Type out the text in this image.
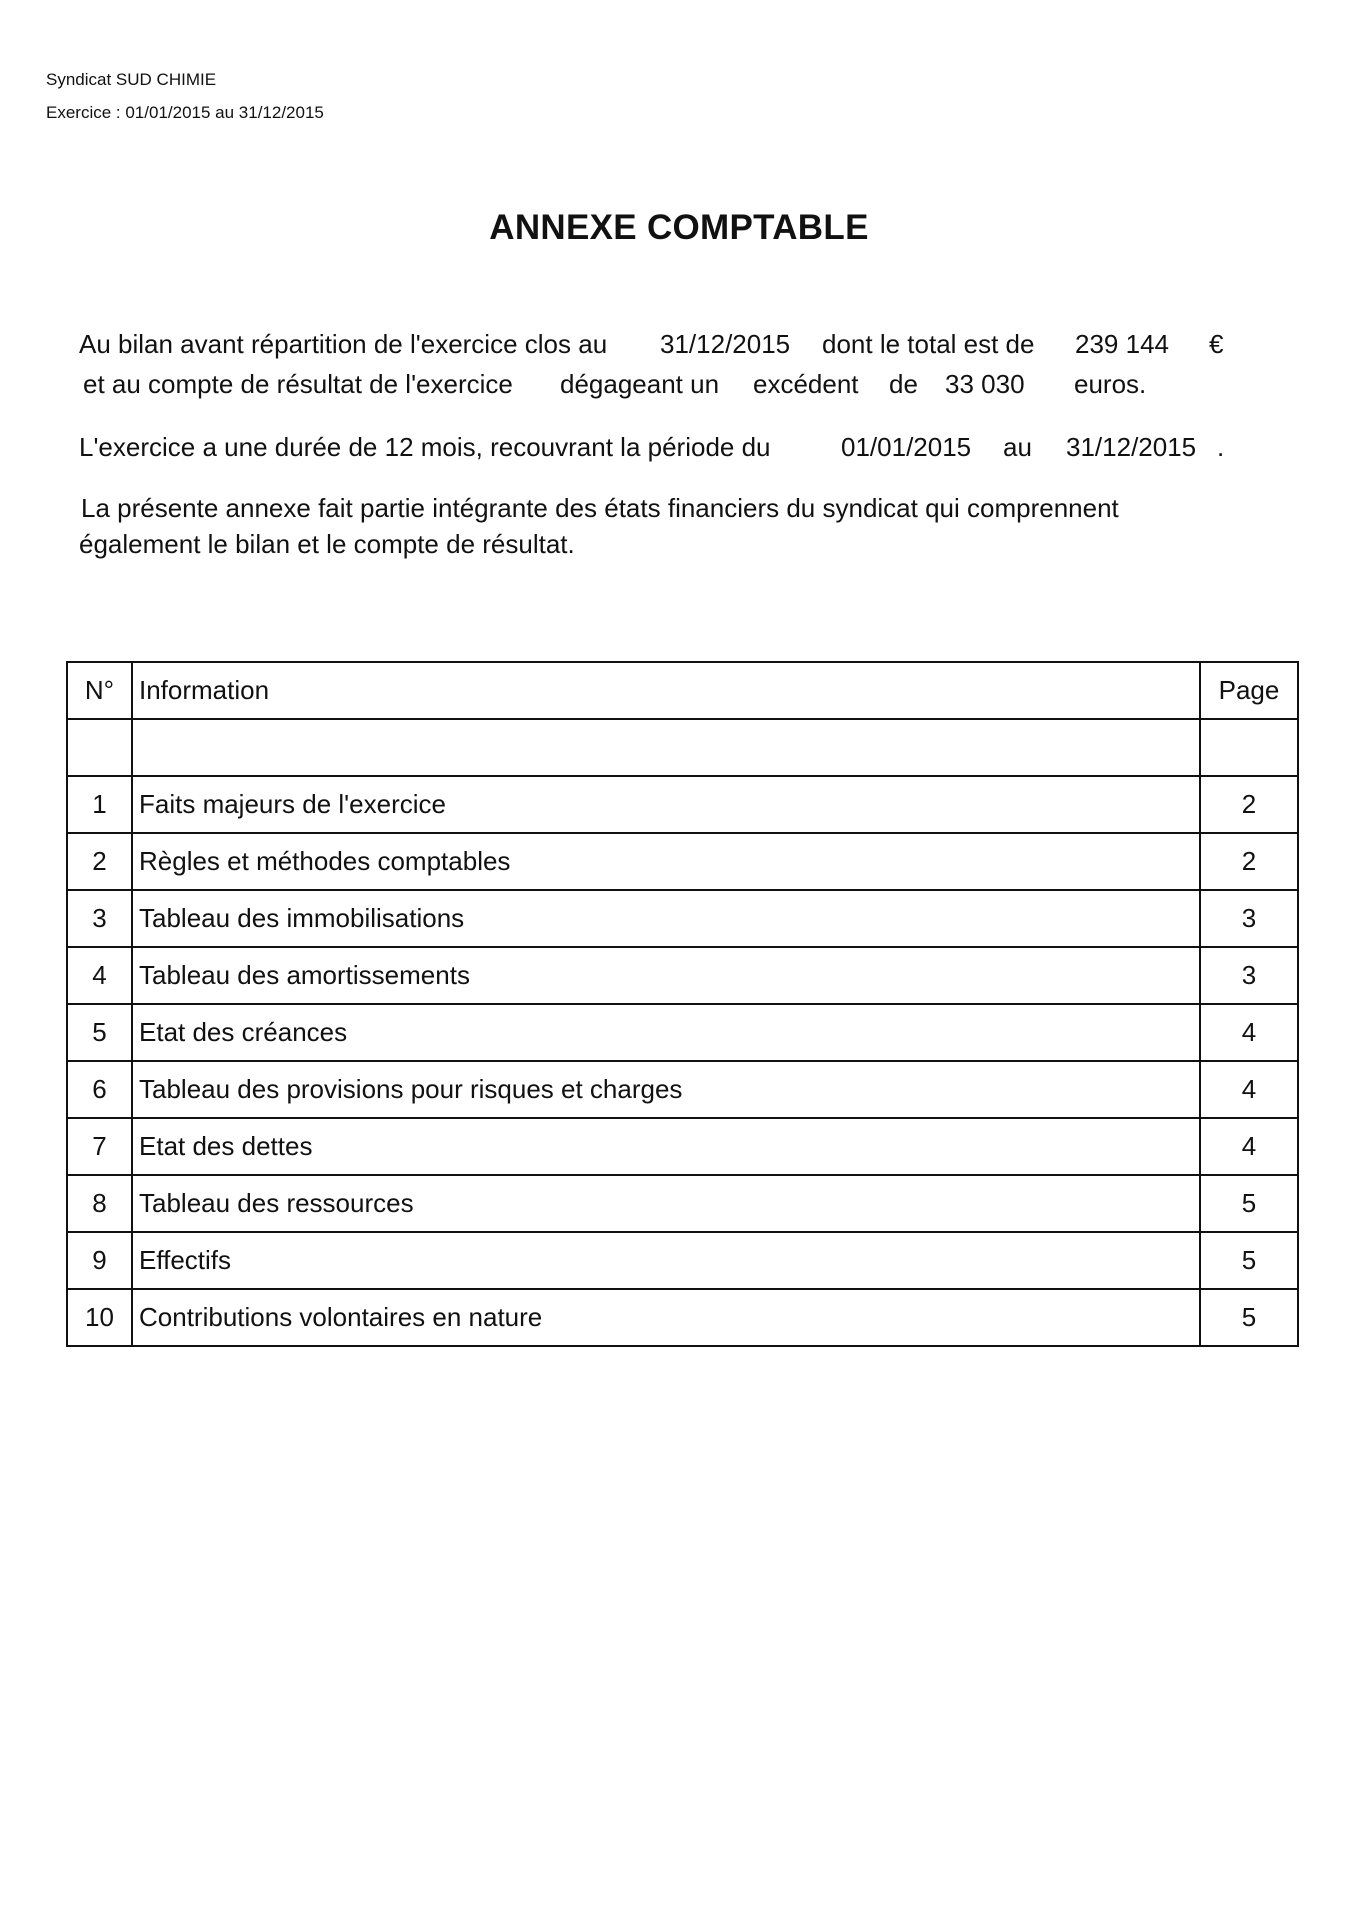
Syndicat SUD CHIMIE
Exercice : 01/01/2015 au 31/12/2015
ANNEXE COMPTABLE
Au bilan avant répartition de l'exercice clos au 31/12/2015 dont le total est de 239 144 €
et au compte de résultat de l'exercice dégageant un excédent de 33 030 euros.
L'exercice a une durée de 12 mois, recouvrant la période du	01/01/2015 au 31/12/2015 .
La présente annexe fait partie intégrante des états financiers du syndicat qui comprennent
également le bilan et le compte de résultat.
N°	Information	Page

1	Faits majeurs de l'exercice	2
2	Règles et méthodes comptables	2
3	Tableau des immobilisations	3
4	Tableau des amortissements	3
5	Etat des créances	4
6	Tableau des provisions pour risques et charges	4
7	Etat des dettes	4
8	Tableau des ressources	5
9	Effectifs	5
10	Contributions volontaires en nature	5
